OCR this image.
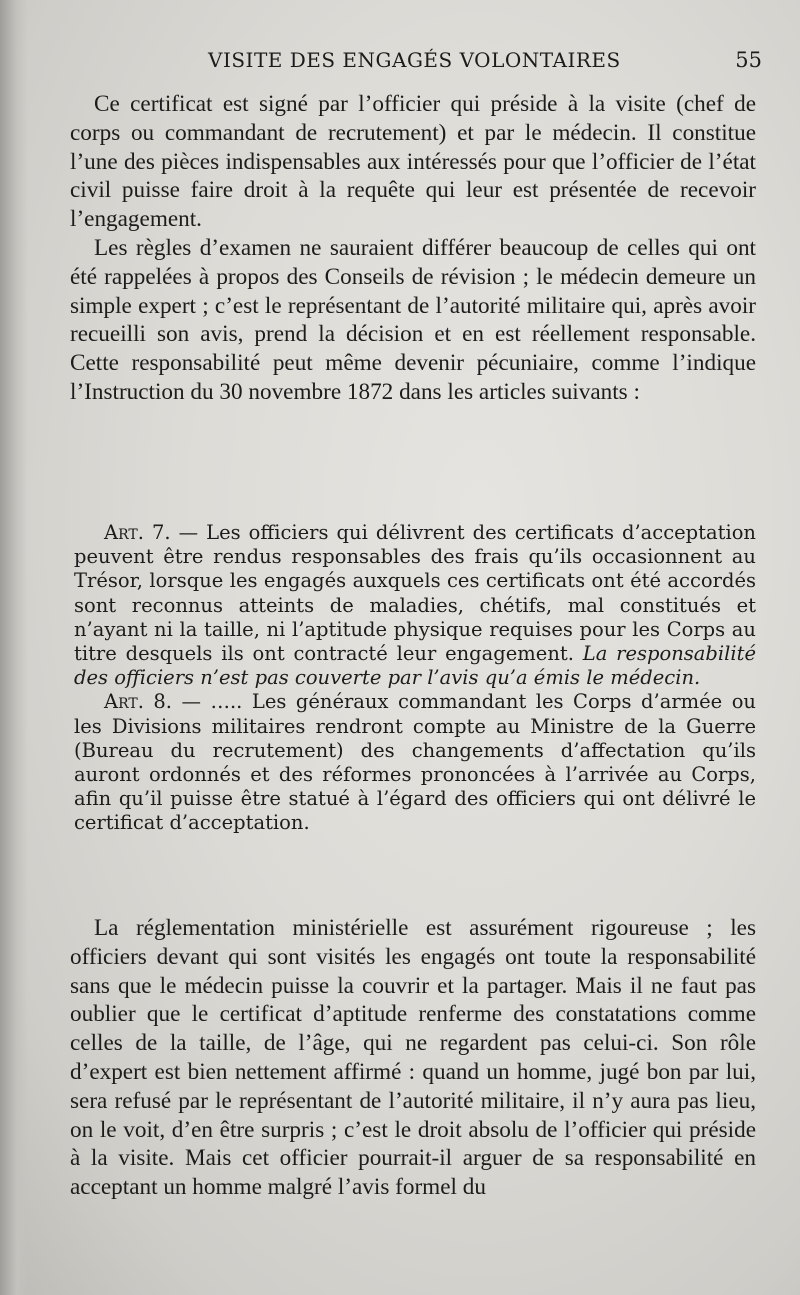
VISITE DES ENGAGÉS VOLONTAIRES	55

Ce certificat est signé par l’officier qui préside à la visite (chef de corps ou commandant de recrutement) et par le médecin. Il constitue l’une des pièces indispensables aux intéressés pour que l’officier de l’état civil puisse faire droit à la requête qui leur est présentée de recevoir l’engagement.

Les règles d’examen ne sauraient différer beaucoup de celles qui ont été rappelées à propos des Conseils de révision ; le médecin demeure un simple expert ; c’est le représentant de l’autorité militaire qui, après avoir recueilli son avis, prend la décision et en est réellement responsable. Cette responsabilité peut même devenir pécuniaire, comme l’indique l’Instruction du 30 novembre 1872 dans les articles suivants :

Art. 7. — Les officiers qui délivrent des certificats d’acceptation peuvent être rendus responsables des frais qu’ils occasionnent au Trésor, lorsque les engagés auxquels ces certificats ont été accordés sont reconnus atteints de maladies, chétifs, mal constitués et n’ayant ni la taille, ni l’aptitude physique requises pour les Corps au titre desquels ils ont contracté leur engagement. La responsabilité des officiers n’est pas couverte par l’avis qu’a émis le médecin.

Art. 8. — ….. Les généraux commandant les Corps d’armée ou les Divisions militaires rendront compte au Ministre de la Guerre (Bureau du recrutement) des changements d’affectation qu’ils auront ordonnés et des réformes prononcées à l’arrivée au Corps, afin qu’il puisse être statué à l’égard des officiers qui ont délivré le certificat d’acceptation.

La réglementation ministérielle est assurément rigoureuse ; les officiers devant qui sont visités les engagés ont toute la responsabilité sans que le médecin puisse la couvrir et la partager. Mais il ne faut pas oublier que le certificat d’aptitude renferme des constatations comme celles de la taille, de l’âge, qui ne regardent pas celui-ci. Son rôle d’expert est bien nettement affirmé : quand un homme, jugé bon par lui, sera refusé par le représentant de l’autorité militaire, il n’y aura pas lieu, on le voit, d’en être surpris ; c’est le droit absolu de l’officier qui préside à la visite. Mais cet officier pourrait-il arguer de sa responsabilité en acceptant un homme malgré l’avis formel du
